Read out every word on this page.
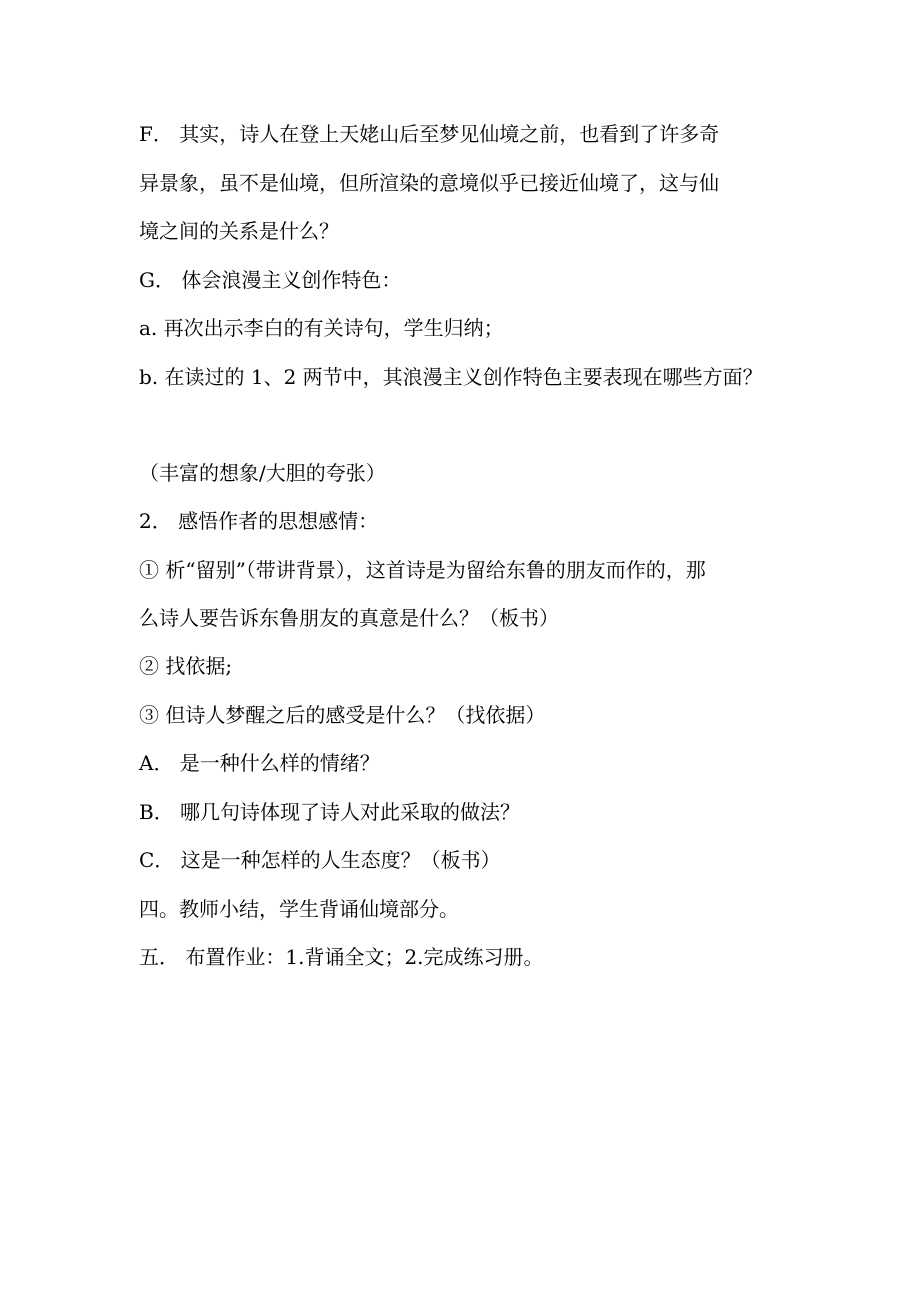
F． 其实，诗人在登上天姥山后至梦见仙境之前，也看到了许多奇
异景象，虽不是仙境，但所渲染的意境似乎已接近仙境了，这与仙
境之间的关系是什么？
G． 体会浪漫主义创作特色：
a. 再次出示李白的有关诗句，学生归纳；
b. 在读过的 1、2 两节中，其浪漫主义创作特色主要表现在哪些方面？
（丰富的想象/大胆的夸张）
2． 感悟作者的思想感情：
① 析“留别”（带讲背景），这首诗是为留给东鲁的朋友而作的，那
么诗人要告诉东鲁朋友的真意是什么？（板书）
② 找依据;
③ 但诗人梦醒之后的感受是什么？（找依据）
A． 是一种什么样的情绪？
B． 哪几句诗体现了诗人对此采取的做法？
C． 这是一种怎样的人生态度？（板书）
四。教师小结，学生背诵仙境部分。
五． 布置作业：1.背诵全文；2.完成练习册。
